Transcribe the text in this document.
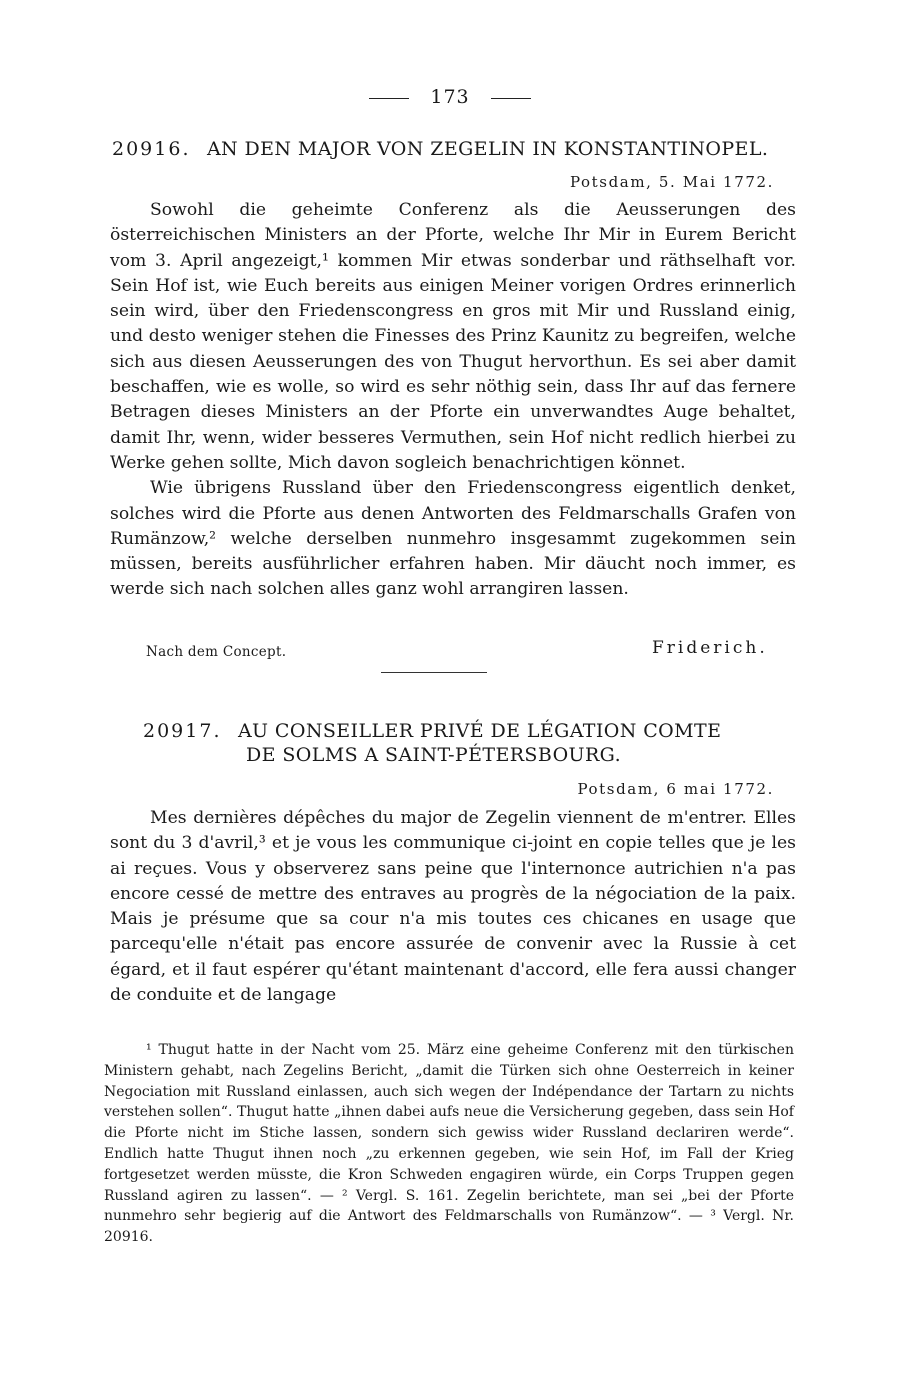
173
20916. AN DEN MAJOR VON ZEGELIN IN KONSTANTINOPEL.
Potsdam, 5. Mai 1772.

Sowohl die geheimte Conferenz als die Aeusserungen des österreichischen Ministers an der Pforte, welche Ihr Mir in Eurem Bericht vom 3. April angezeigt,¹ kommen Mir etwas sonderbar und räthselhaft vor. Sein Hof ist, wie Euch bereits aus einigen Meiner vorigen Ordres erinnerlich sein wird, über den Friedenscongress en gros mit Mir und Russland einig, und desto weniger stehen die Finesses des Prinz Kaunitz zu begreifen, welche sich aus diesen Aeusserungen des von Thugut hervorthun. Es sei aber damit beschaffen, wie es wolle, so wird es sehr nöthig sein, dass Ihr auf das fernere Betragen dieses Ministers an der Pforte ein unverwandtes Auge behaltet, damit Ihr, wenn, wider besseres Vermuthen, sein Hof nicht redlich hierbei zu Werke gehen sollte, Mich davon sogleich benachrichtigen könnet.

Wie übrigens Russland über den Friedenscongress eigentlich denket, solches wird die Pforte aus denen Antworten des Feldmarschalls Grafen von Rumänzow,² welche derselben nunmehro insgesammt zugekommen sein müssen, bereits ausführlicher erfahren haben. Mir däucht noch immer, es werde sich nach solchen alles ganz wohl arrangiren lassen.

Nach dem Concept.	Friderich.
20917. AU CONSEILLER PRIVÉ DE LÉGATION COMTE
DE SOLMS A SAINT-PÉTERSBOURG.
Potsdam, 6 mai 1772.

Mes dernières dépêches du major de Zegelin viennent de m'entrer. Elles sont du 3 d'avril,³ et je vous les communique ci-joint en copie telles que je les ai reçues. Vous y observerez sans peine que l'internonce autrichien n'a pas encore cessé de mettre des entraves au progrès de la négociation de la paix. Mais je présume que sa cour n'a mis toutes ces chicanes en usage que parcequ'elle n'était pas encore assurée de convenir avec la Russie à cet égard, et il faut espérer qu'étant maintenant d'accord, elle fera aussi changer de conduite et de langage

¹ Thugut hatte in der Nacht vom 25. März eine geheime Conferenz mit den türkischen Ministern gehabt, nach Zegelins Bericht, „damit die Türken sich ohne Oesterreich in keiner Negociation mit Russland einlassen, auch sich wegen der Indépendance der Tartarn zu nichts verstehen sollen“. Thugut hatte „ihnen dabei aufs neue die Versicherung gegeben, dass sein Hof die Pforte nicht im Stiche lassen, sondern sich gewiss wider Russland declariren werde“. Endlich hatte Thugut ihnen noch „zu erkennen gegeben, wie sein Hof, im Fall der Krieg fortgesetzet werden müsste, die Kron Schweden engagiren würde, ein Corps Truppen gegen Russland agiren zu lassen“. — ² Vergl. S. 161. Zegelin berichtete, man sei „bei der Pforte nunmehro sehr begierig auf die Antwort des Feldmarschalls von Rumänzow“. — ³ Vergl. Nr. 20916.
